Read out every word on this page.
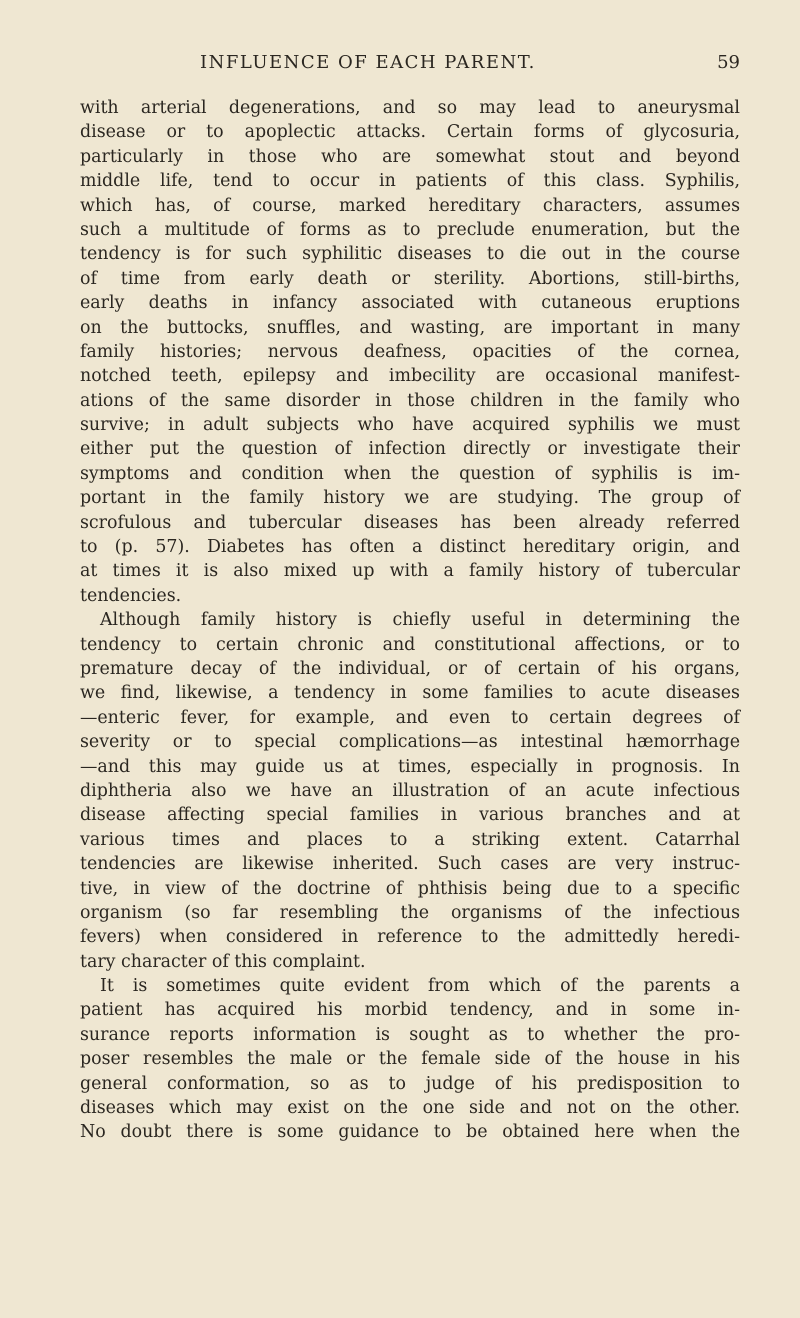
INFLUENCE OF EACH PARENT.	59
with arterial degenerations, and so may lead to aneurysmal
disease or to apoplectic attacks. Certain forms of glycosuria,
particularly in those who are somewhat stout and beyond
middle life, tend to occur in patients of this class. Syphilis,
which has, of course, marked hereditary characters, assumes
such a multitude of forms as to preclude enumeration, but the
tendency is for such syphilitic diseases to die out in the course
of time from early death or sterility. Abortions, still-births,
early deaths in infancy associated with cutaneous eruptions
on the buttocks, snuffles, and wasting, are important in many
family histories; nervous deafness, opacities of the cornea,
notched teeth, epilepsy and imbecility are occasional manifest-
ations of the same disorder in those children in the family who
survive; in adult subjects who have acquired syphilis we must
either put the question of infection directly or investigate their
symptoms and condition when the question of syphilis is im-
portant in the family history we are studying. The group of
scrofulous and tubercular diseases has been already referred
to (p. 57). Diabetes has often a distinct hereditary origin, and
at times it is also mixed up with a family history of tubercular
tendencies.
Although family history is chiefly useful in determining the
tendency to certain chronic and constitutional affections, or to
premature decay of the individual, or of certain of his organs,
we find, likewise, a tendency in some families to acute diseases
—enteric fever, for example, and even to certain degrees of
severity or to special complications—as intestinal hæmorrhage
—and this may guide us at times, especially in prognosis. In
diphtheria also we have an illustration of an acute infectious
disease affecting special families in various branches and at
various times and places to a striking extent. Catarrhal
tendencies are likewise inherited. Such cases are very instruc-
tive, in view of the doctrine of phthisis being due to a specific
organism (so far resembling the organisms of the infectious
fevers) when considered in reference to the admittedly heredi-
tary character of this complaint.
It is sometimes quite evident from which of the parents a
patient has acquired his morbid tendency, and in some in-
surance reports information is sought as to whether the pro-
poser resembles the male or the female side of the house in his
general conformation, so as to judge of his predisposition to
diseases which may exist on the one side and not on the other.
No doubt there is some guidance to be obtained here when the
